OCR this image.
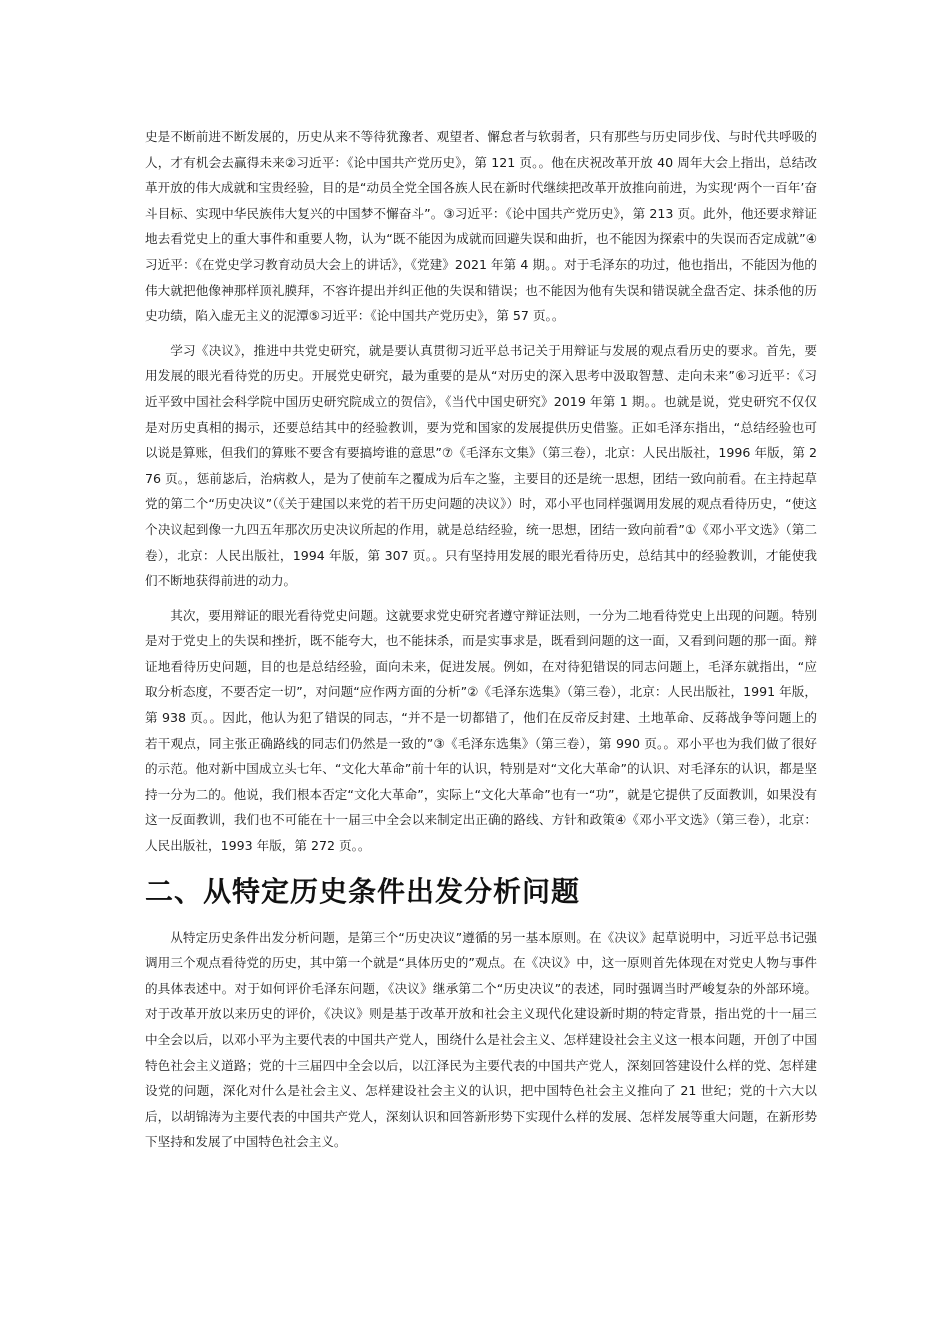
史是不断前进不断发展的，历史从来不等待犹豫者、观望者、懈怠者与软弱者，只有那些与历史同步伐、与时代共呼吸的人，才有机会去赢得未来②习近平：《论中国共产党历史》，第 121 页。。他在庆祝改革开放 40 周年大会上指出，总结改革开放的伟大成就和宝贵经验，目的是“动员全党全国各族人民在新时代继续把改革开放推向前进，为实现‘两个一百年’奋斗目标、实现中华民族伟大复兴的中国梦不懈奋斗”。③习近平：《论中国共产党历史》，第 213 页。此外，他还要求辩证地去看党史上的重大事件和重要人物，认为“既不能因为成就而回避失误和曲折，也不能因为探索中的失误而否定成就”④习近平：《在党史学习教育动员大会上的讲话》，《党建》2021 年第 4 期。。对于毛泽东的功过，他也指出，不能因为他的伟大就把他像神那样顶礼膜拜，不容许提出并纠正他的失误和错误；也不能因为他有失误和错误就全盘否定、抹杀他的历史功绩，陷入虚无主义的泥潭⑤习近平：《论中国共产党历史》，第 57 页。。

学习《决议》，推进中共党史研究，就是要认真贯彻习近平总书记关于用辩证与发展的观点看历史的要求。首先，要用发展的眼光看待党的历史。开展党史研究，最为重要的是从“对历史的深入思考中汲取智慧、走向未来”⑥习近平：《习近平致中国社会科学院中国历史研究院成立的贺信》，《当代中国史研究》2019 年第 1 期。。也就是说，党史研究不仅仅是对历史真相的揭示，还要总结其中的经验教训，要为党和国家的发展提供历史借鉴。正如毛泽东指出，“总结经验也可以说是算账，但我们的算账不要含有要搞垮谁的意思”⑦《毛泽东文集》（第三卷），北京：人民出版社，1996 年版，第 276 页。，惩前毖后，治病救人，是为了使前车之覆成为后车之鉴，主要目的还是统一思想，团结一致向前看。在主持起草党的第二个“历史决议”（《关于建国以来党的若干历史问题的决议》）时，邓小平也同样强调用发展的观点看待历史，“使这个决议起到像一九四五年那次历史决议所起的作用，就是总结经验，统一思想，团结一致向前看”①《邓小平文选》（第二卷），北京：人民出版社，1994 年版，第 307 页。。只有坚持用发展的眼光看待历史，总结其中的经验教训，才能使我们不断地获得前进的动力。

其次，要用辩证的眼光看待党史问题。这就要求党史研究者遵守辩证法则，一分为二地看待党史上出现的问题。特别是对于党史上的失误和挫折，既不能夸大，也不能抹杀，而是实事求是，既看到问题的这一面，又看到问题的那一面。辩证地看待历史问题，目的也是总结经验，面向未来，促进发展。例如，在对待犯错误的同志问题上，毛泽东就指出，“应取分析态度，不要否定一切”，对问题“应作两方面的分析”②《毛泽东选集》（第三卷），北京：人民出版社，1991 年版，第 938 页。。因此，他认为犯了错误的同志，“并不是一切都错了，他们在反帝反封建、土地革命、反蒋战争等问题上的若干观点，同主张正确路线的同志们仍然是一致的”③《毛泽东选集》（第三卷），第 990 页。。邓小平也为我们做了很好的示范。他对新中国成立头七年、“文化大革命”前十年的认识，特别是对“文化大革命”的认识、对毛泽东的认识，都是坚持一分为二的。他说，我们根本否定“文化大革命”，实际上“文化大革命”也有一“功”，就是它提供了反面教训，如果没有这一反面教训，我们也不可能在十一届三中全会以来制定出正确的路线、方针和政策④《邓小平文选》（第三卷），北京：人民出版社，1993 年版，第 272 页。。

二、从特定历史条件出发分析问题

从特定历史条件出发分析问题，是第三个“历史决议”遵循的另一基本原则。在《决议》起草说明中，习近平总书记强调用三个观点看待党的历史，其中第一个就是“具体历史的”观点。在《决议》中，这一原则首先体现在对党史人物与事件的具体表述中。对于如何评价毛泽东问题，《决议》继承第二个“历史决议”的表述，同时强调当时严峻复杂的外部环境。对于改革开放以来历史的评价，《决议》则是基于改革开放和社会主义现代化建设新时期的特定背景，指出党的十一届三中全会以后，以邓小平为主要代表的中国共产党人，围绕什么是社会主义、怎样建设社会主义这一根本问题，开创了中国特色社会主义道路；党的十三届四中全会以后，以江泽民为主要代表的中国共产党人，深刻回答建设什么样的党、怎样建设党的问题，深化对什么是社会主义、怎样建设社会主义的认识，把中国特色社会主义推向了 21 世纪；党的十六大以后，以胡锦涛为主要代表的中国共产党人，深刻认识和回答新形势下实现什么样的发展、怎样发展等重大问题，在新形势下坚持和发展了中国特色社会主义。
